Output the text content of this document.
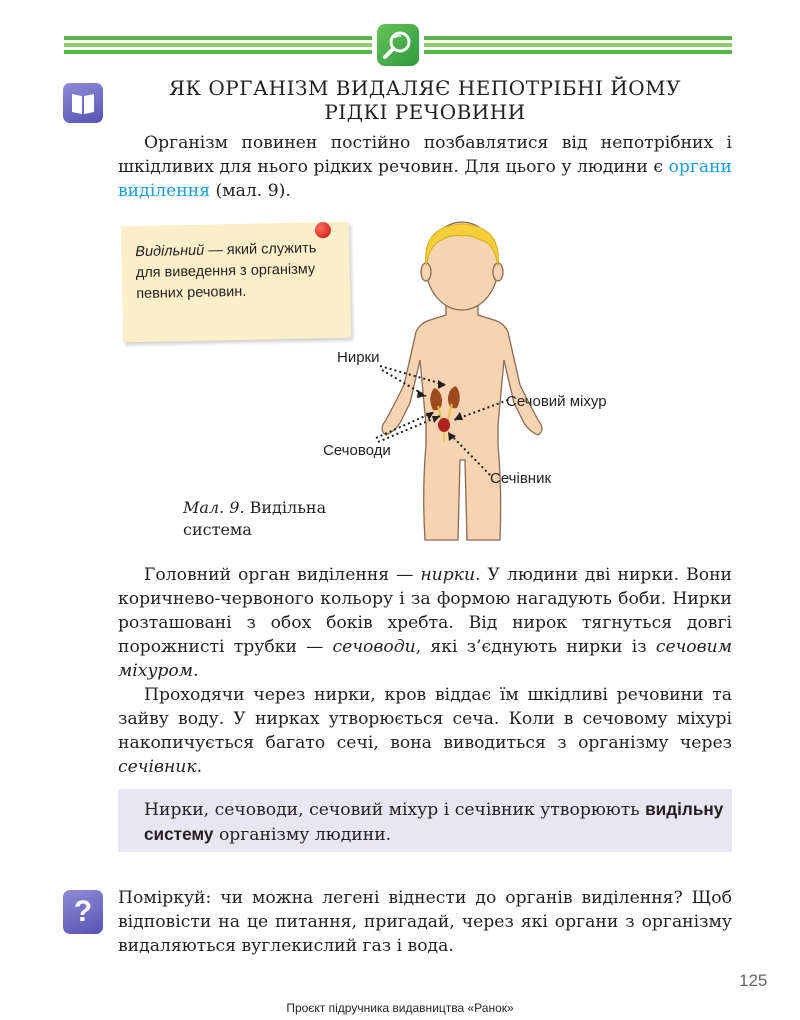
ЯК ОРГАНІЗМ ВИДАЛЯЄ НЕПОТРІБНІ ЙОМУ
РІДКІ РЕЧОВИНИ

Організм повинен постійно позбавлятися від непотрібних і шкідливих для нього рідких речовин. Для цього у людини є органи виділення (мал. 9).

Видільний — який служить для виведення з організму певних речовин.
Нирки
Сечовий міхур
Сечоводи
Сечівник
Мал. 9. Видільна система

Головний орган виділення — нирки. У людини дві нирки. Вони коричнево-червоного кольору і за формою нагадують боби. Нирки розташовані з обох боків хребта. Від нирок тягнуться довгі порожнисті трубки — сечоводи, які з’єднують нирки із сечовим міхуром.

Проходячи через нирки, кров віддає їм шкідливі речовини та зайву воду. У нирках утворюється сеча. Коли в сечовому міхурі накопичується багато сечі, вона виводиться з організму через сечівник.

Нирки, сечоводи, сечовий міхур і сечівник утворюють видільну систему організму людини.
?	Поміркуй: чи можна легені віднести до органів виділення? Щоб відповісти на це питання, пригадай, через які органи з організму видаляються вуглекислий газ і вода.
125
Проєкт підручника видавництва «Ранок»
